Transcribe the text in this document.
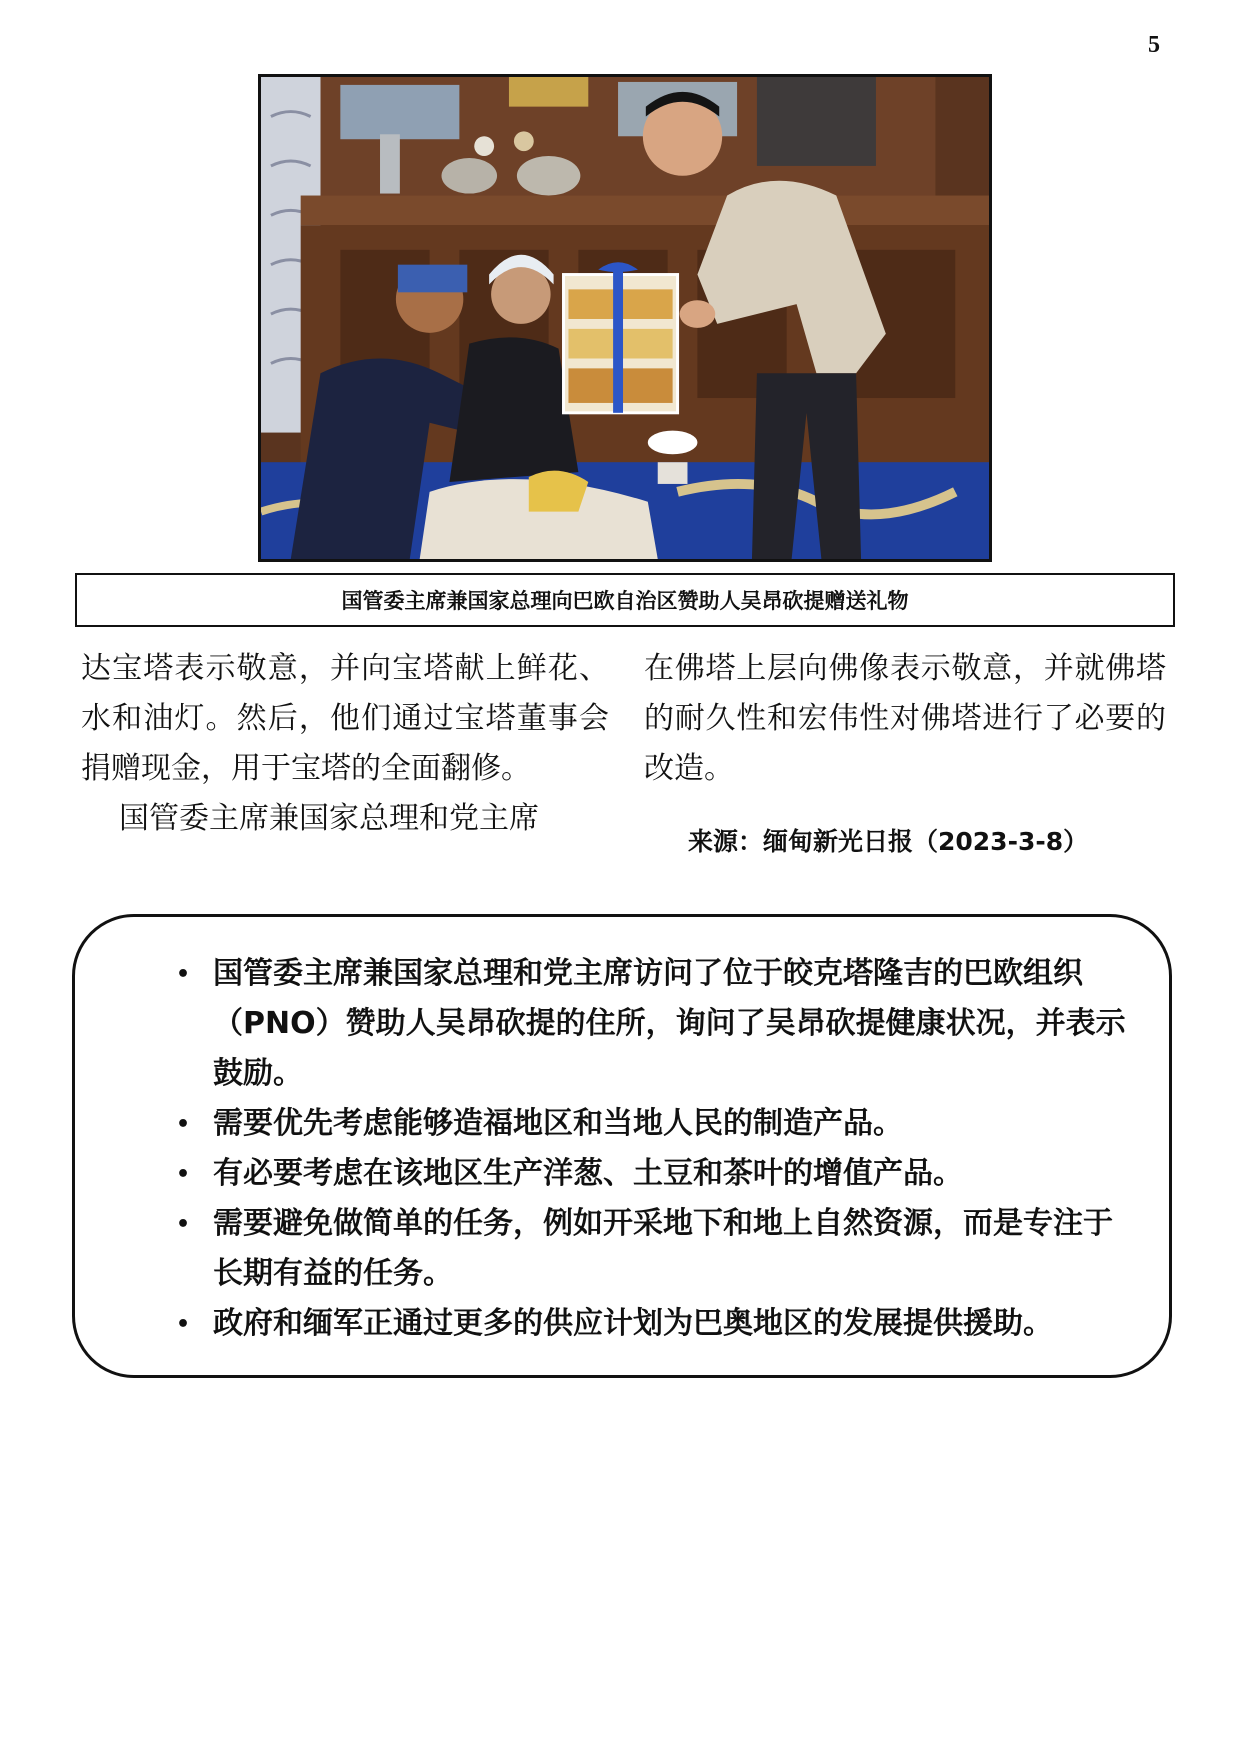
5
国管委主席兼国家总理向巴欧自治区赞助人吴昂砍提赠送礼物

达宝塔表示敬意，并向宝塔献上鲜花、水和油灯。然后，他们通过宝塔董事会捐赠现金，用于宝塔的全面翻修。

国管委主席兼国家总理和党主席

在佛塔上层向佛像表示敬意，并就佛塔的耐久性和宏伟性对佛塔进行了必要的改造。

来源：缅甸新光日报（2023-3-8）
• 国管委主席兼国家总理和党主席访问了位于皎克塔隆吉的巴欧组织（PNO）赞助人吴昂砍提的住所，询问了吴昂砍提健康状况，并表示鼓励。
• 需要优先考虑能够造福地区和当地人民的制造产品。
• 有必要考虑在该地区生产洋葱、土豆和茶叶的增值产品。
• 需要避免做简单的任务，例如开采地下和地上自然资源，而是专注于长期有益的任务。
• 政府和缅军正通过更多的供应计划为巴奥地区的发展提供援助。
